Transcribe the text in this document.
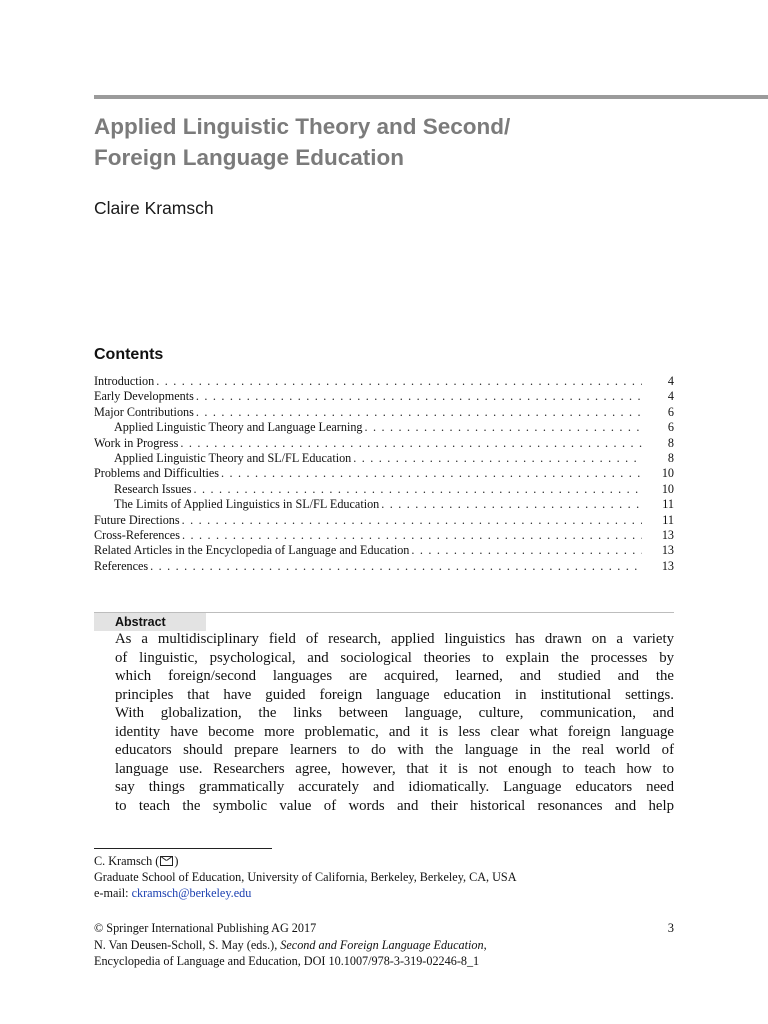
Applied Linguistic Theory and Second/
Foreign Language Education

Claire Kramsch

Contents
Introduction . . .	4
Early Developments . . .	4
Major Contributions . . .	6
Applied Linguistic Theory and Language Learning . . .	6
Work in Progress . . .	8
Applied Linguistic Theory and SL/FL Education . . .	8
Problems and Difficulties . . .	10
Research Issues . . .	10
The Limits of Applied Linguistics in SL/FL Education . . .	11
Future Directions . . .	11
Cross-References . . .	13
Related Articles in the Encyclopedia of Language and Education . . .	13
References . . .	13
Abstract

As a multidisciplinary field of research, applied linguistics has drawn on a variety
of linguistic, psychological, and sociological theories to explain the processes by
which foreign/second languages are acquired, learned, and studied and the
principles that have guided foreign language education in institutional settings.
With globalization, the links between language, culture, communication, and
identity have become more problematic, and it is less clear what foreign language
educators should prepare learners to do with the language in the real world of
language use. Researchers agree, however, that it is not enough to teach how to
say things grammatically accurately and idiomatically. Language educators need
to teach the symbolic value of words and their historical resonances and help

C. Kramsch ( )
Graduate School of Education, University of California, Berkeley, Berkeley, CA, USA
e-mail: ckramsch@berkeley.edu
© Springer International Publishing AG 2017
N. Van Deusen-Scholl, S. May (eds.), Second and Foreign Language Education,
Encyclopedia of Language and Education, DOI 10.1007/978-3-319-02246-8_1
3
